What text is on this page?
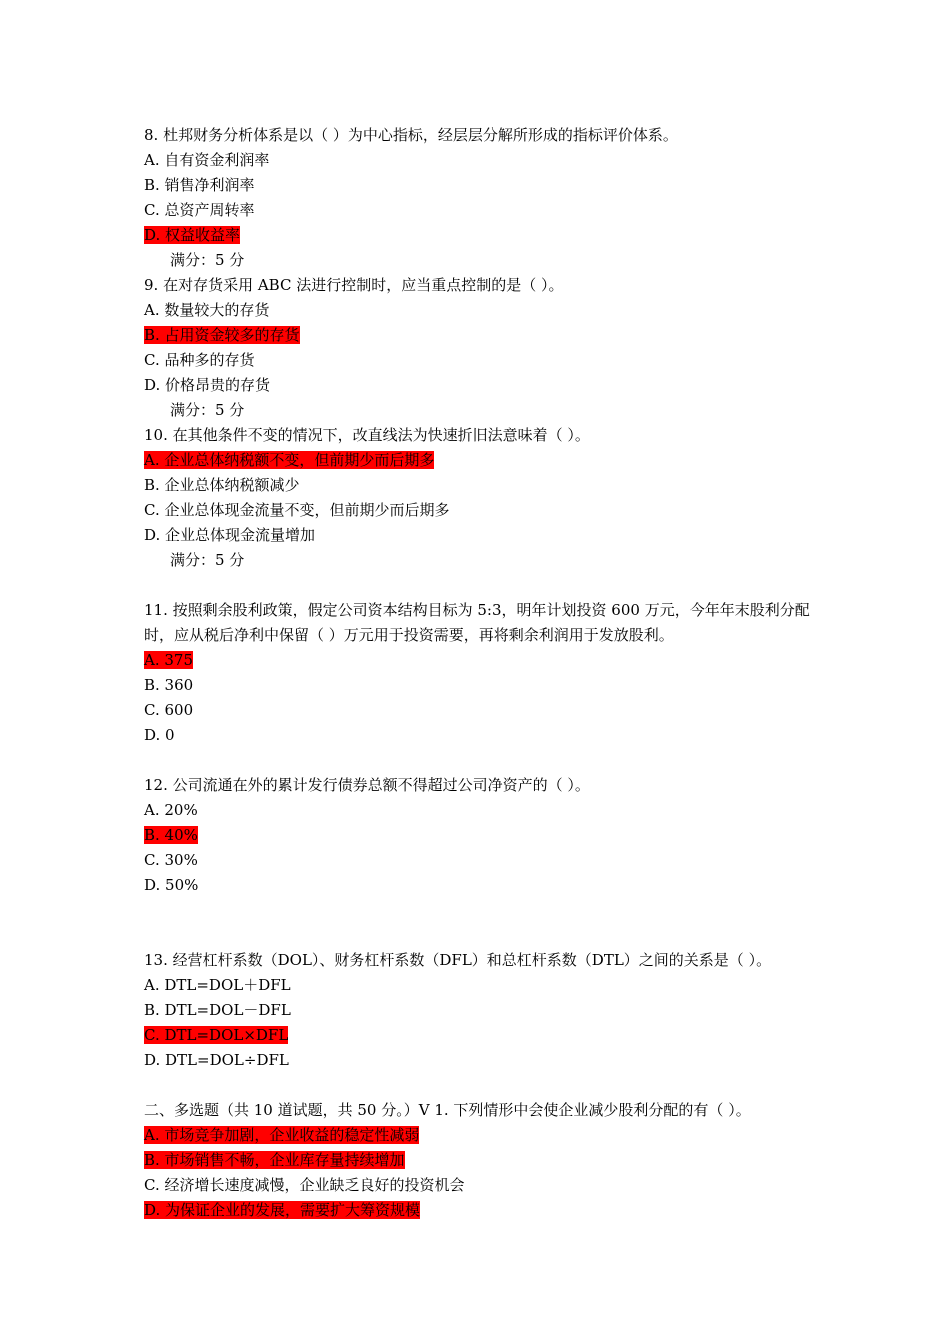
8. 杜邦财务分析体系是以（ ）为中心指标，经层层分解所形成的指标评价体系。
A. 自有资金利润率
B. 销售净利润率
C. 总资产周转率
D. 权益收益率
满分：5 分
9. 在对存货采用 ABC 法进行控制时，应当重点控制的是（ ）。
A. 数量较大的存货
B. 占用资金较多的存货
C. 品种多的存货
D. 价格昂贵的存货
满分：5 分
10. 在其他条件不变的情况下，改直线法为快速折旧法意味着（ ）。
A. 企业总体纳税额不变，但前期少而后期多
B. 企业总体纳税额减少
C. 企业总体现金流量不变，但前期少而后期多
D. 企业总体现金流量增加
满分：5 分
11. 按照剩余股利政策，假定公司资本结构目标为 5:3，明年计划投资 600 万元，今年年末股利分配时，应从税后净利中保留（ ）万元用于投资需要，再将剩余利润用于发放股利。
A. 375
B. 360
C. 600
D. 0
12. 公司流通在外的累计发行债券总额不得超过公司净资产的（ ）。
A. 20%
B. 40%
C. 30%
D. 50%
13. 经营杠杆系数（DOL）、财务杠杆系数（DFL）和总杠杆系数（DTL）之间的关系是（ ）。
A. DTL=DOL＋DFL
B. DTL=DOL－DFL
C. DTL=DOL×DFL
D. DTL=DOL÷DFL
二、多选题（共 10 道试题，共 50 分。）V 1. 下列情形中会使企业减少股利分配的有（ ）。
A. 市场竞争加剧，企业收益的稳定性减弱
B. 市场销售不畅，企业库存量持续增加
C. 经济增长速度减慢，企业缺乏良好的投资机会
D. 为保证企业的发展，需要扩大筹资规模
